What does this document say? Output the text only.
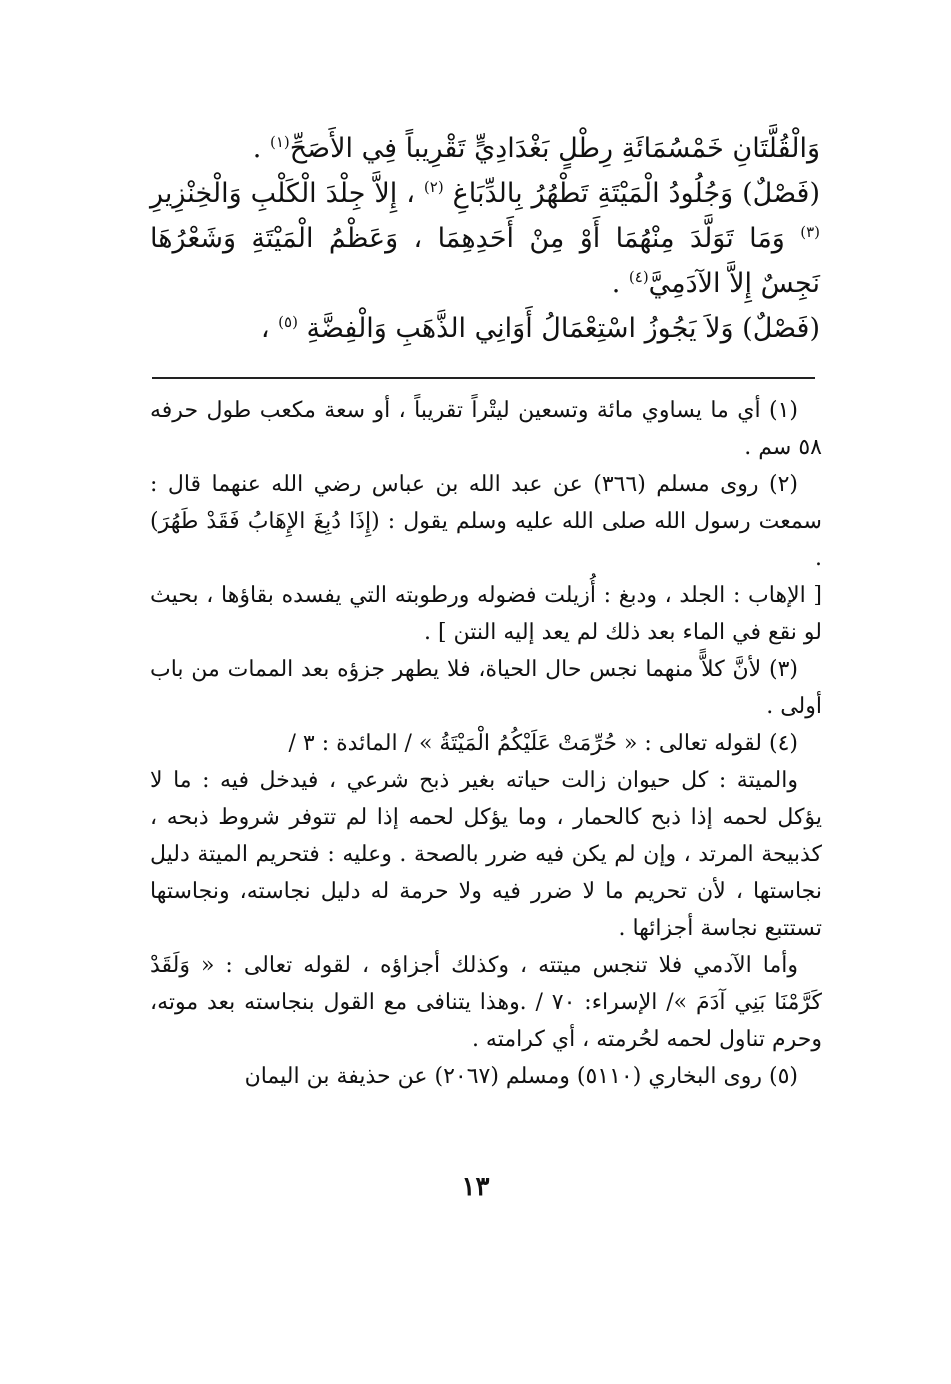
وَالْقُلَّتَانِ خَمْسُمَائَةِ رِطْلٍ بَغْدَادِيٍّ تَقْرِيباً فِي الأَصَحِّ$^{(١)}$ .

(فَصْلٌ) وَجُلُودُ الْمَيْتَةِ تَطْهُرُ بِالدِّبَاغِ $^{(٢)}$ ، إِلاَّ جِلْدَ الْكَلْبِ وَالْخِنْزِيرِ $^{(٣)}$ وَمَا تَوَلَّدَ مِنْهُمَا أَوْ مِنْ أَحَدِهِمَا ، وَعَظْمُ الْمَيْتَةِ وَشَعْرُهَا نَجِسٌ إِلاَّ الآدَمِيَّ$^{(٤)}$ .

(فَصْلٌ) وَلاَ يَجُوزُ اسْتِعْمَالُ أَوَانِي الذَّهَبِ وَالْفِضَّةِ $^{(٥)}$ ،

(١) أي ما يساوي مائة وتسعين ليتْراً تقريباً ، أو سعة مكعب طول حرفه ٥٨ سم .

(٢) روى مسلم (٣٦٦) عن عبد الله بن عباس رضي الله عنهما قال : سمعت رسول الله صلى الله عليه وسلم يقول : (إِذَا دُبِغَ الإِهَابُ فَقَدْ طَهُرَ) .

[ الإهاب : الجلد ، ودبغ : أُزيلت فضوله ورطوبته التي يفسده بقاؤها ، بحيث لو نقع في الماء بعد ذلك لم يعد إليه النتن ] .

(٣) لأنَّ كلاًّ منهما نجس حال الحياة، فلا يطهر جزؤه بعد الممات من باب أولى .

(٤) لقوله تعالى : « حُرِّمَتْ عَلَيْكُمُ الْمَيْتَةُ » / المائدة : ٣ /

والميتة : كل حيوان زالت حياته بغير ذبح شرعي ، فيدخل فيه : ما لا يؤكل لحمه إذا ذبح كالحمار ، وما يؤكل لحمه إذا لم تتوفر شروط ذبحه ، كذبيحة المرتد ، وإن لم يكن فيه ضرر بالصحة . وعليه : فتحريم الميتة دليل نجاستها ، لأن تحريم ما لا ضرر فيه ولا حرمة له دليل نجاسته، ونجاستها تستتبع نجاسة أجزائها .

وأما الآدمي فلا تنجس ميتته ، وكذلك أجزاؤه ، لقوله تعالى : « وَلَقَدْ كَرَّمْنَا بَنِي آدَمَ »/ الإسراء: ٧٠ / .وهذا يتنافى مع القول بنجاسته بعد موته، وحرم تناول لحمه لحُرمته ، أي كرامته .

(٥) روى البخاري (٥١١٠) ومسلم (٢٠٦٧) عن حذيفة بن اليمان

١٣
